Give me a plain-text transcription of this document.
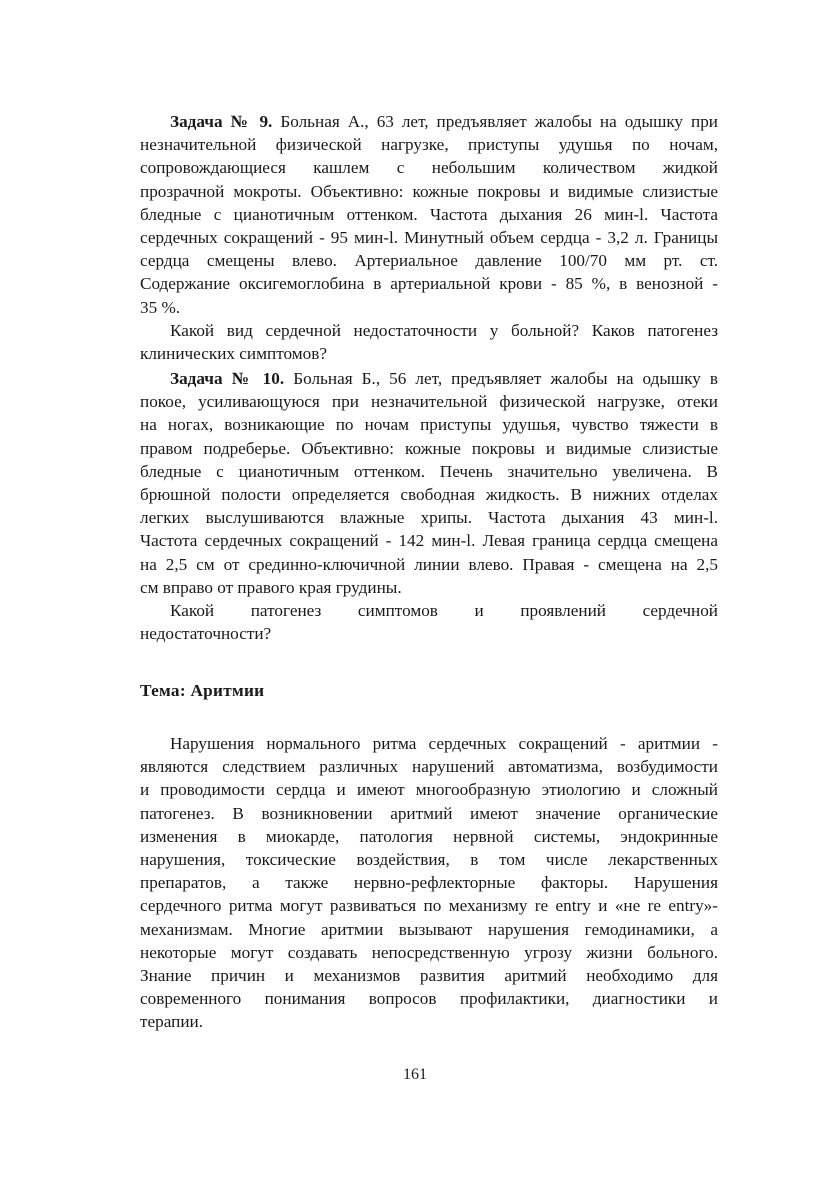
Задача № 9. Больная А., 63 лет, предъявляет жалобы на одышку при
незначительной физической нагрузке, приступы удушья по ночам,
сопровождающиеся кашлем с небольшим количеством жидкой
прозрачной мокроты. Объективно: кожные покровы и видимые слизистые
бледные с цианотичным оттенком. Частота дыхания 26 мин-l. Частота
сердечных сокращений - 95 мин-l. Минутный объем сердца - 3,2 л. Границы
сердца смещены влево. Артериальное давление 100/70 мм рт. ст.
Содержание оксигемоглобина в артериальной крови - 85 %, в венозной -
35 %.
Какой вид сердечной недостаточности у больной? Каков патогенез
клинических симптомов?
Задача № 10. Больная Б., 56 лет, предъявляет жалобы на одышку в
покое, усиливающуюся при незначительной физической нагрузке, отеки
на ногах, возникающие по ночам приступы удушья, чувство тяжести в
правом подреберье. Объективно: кожные покровы и видимые слизистые
бледные с цианотичным оттенком. Печень значительно увеличена. В
брюшной полости определяется свободная жидкость. В нижних отделах
легких выслушиваются влажные хрипы. Частота дыхания 43 мин-l.
Частота сердечных сокращений - 142 мин-l. Левая граница сердца смещена
на 2,5 см от срединно-ключичной линии влево. Правая - смещена на 2,5
см вправо от правого края грудины.
Какой патогенез симптомов и проявлений сердечной
недостаточности?
Тема: Аритмии
Нарушения нормального ритма сердечных сокращений - аритмии -
являются следствием различных нарушений автоматизма, возбудимости
и проводимости сердца и имеют многообразную этиологию и сложный
патогенез. В возникновении аритмий имеют значение органические
изменения в миокарде, патология нервной системы, эндокринные
нарушения, токсические воздействия, в том числе лекарственных
препаратов, а также нервно-рефлекторные факторы. Нарушения
сердечного ритма могут развиваться по механизму re entry и «не re entry»-
механизмам. Многие аритмии вызывают нарушения гемодинамики, а
некоторые могут создавать непосредственную угрозу жизни больного.
Знание причин и механизмов развития аритмий необходимо для
современного понимания вопросов профилактики, диагностики и
терапии.
161
